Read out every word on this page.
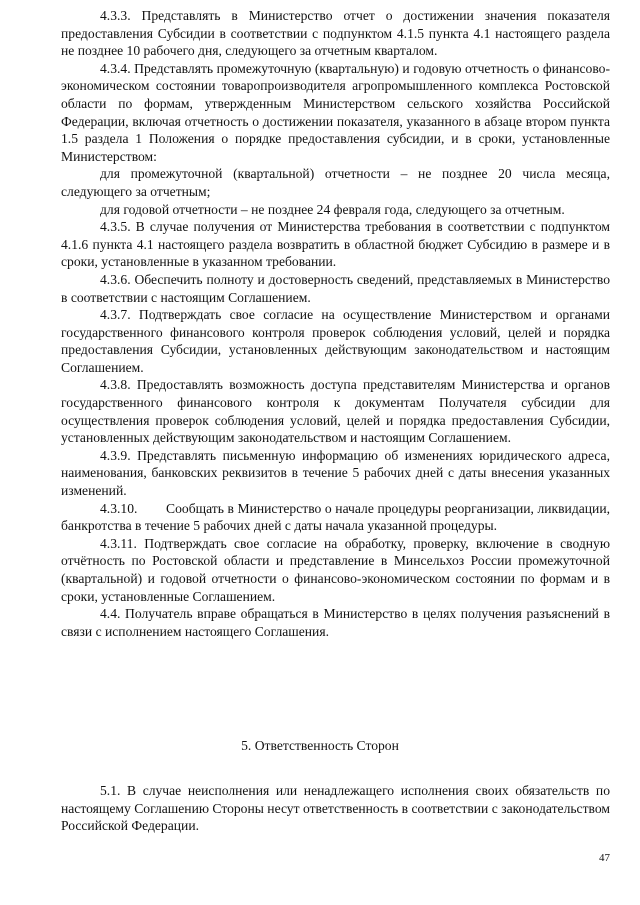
4.3.3. Представлять в Министерство отчет о достижении значения показателя предоставления Субсидии в соответствии с подпунктом 4.1.5 пункта 4.1 настоящего раздела не позднее 10 рабочего дня, следующего за отчетным кварталом.

4.3.4. Представлять промежуточную (квартальную) и годовую отчетность о финансово-экономическом состоянии товаропроизводителя агропромышленного комплекса Ростовской области по формам, утвержденным Министерством сельского хозяйства Российской Федерации, включая отчетность о достижении показателя, указанного в абзаце втором пункта 1.5 раздела 1 Положения о порядке предоставления субсидии, и в сроки, установленные Министерством:

для промежуточной (квартальной) отчетности – не позднее 20 числа месяца, следующего за отчетным;

для годовой отчетности – не позднее 24 февраля года, следующего за отчетным.

4.3.5. В случае получения от Министерства требования в соответствии с подпунктом 4.1.6 пункта 4.1 настоящего раздела возвратить в областной бюджет Субсидию в размере и в сроки, установленные в указанном требовании.

4.3.6. Обеспечить полноту и достоверность сведений, представляемых в Министерство в соответствии с настоящим Соглашением.

4.3.7. Подтверждать свое согласие на осуществление Министерством и органами государственного финансового контроля проверок соблюдения условий, целей и порядка предоставления Субсидии, установленных действующим законодательством и настоящим Соглашением.

4.3.8. Предоставлять возможность доступа представителям Министерства и органов государственного финансового контроля к документам Получателя субсидии для осуществления проверок соблюдения условий, целей и порядка предоставления Субсидии, установленных действующим законодательством и настоящим Соглашением.

4.3.9. Представлять письменную информацию об изменениях юридического адреса, наименования, банковских реквизитов в течение 5 рабочих дней с даты внесения указанных изменений.

4.3.10.        Сообщать в Министерство о начале процедуры реорганизации, ликвидации, банкротства в течение 5 рабочих дней с даты начала указанной процедуры.

4.3.11. Подтверждать свое согласие на обработку, проверку, включение в сводную отчётность по Ростовской области и представление в Минсельхоз России промежуточной (квартальной) и годовой отчетности о финансово-экономическом состоянии по формам и в сроки, установленные Соглашением.

4.4. Получатель вправе обращаться в Министерство в целях получения разъяснений в связи с исполнением настоящего Соглашения.

5. Ответственность Сторон

5.1. В случае неисполнения или ненадлежащего исполнения своих обязательств по настоящему Соглашению Стороны несут ответственность в соответствии с законодательством Российской Федерации.

47
